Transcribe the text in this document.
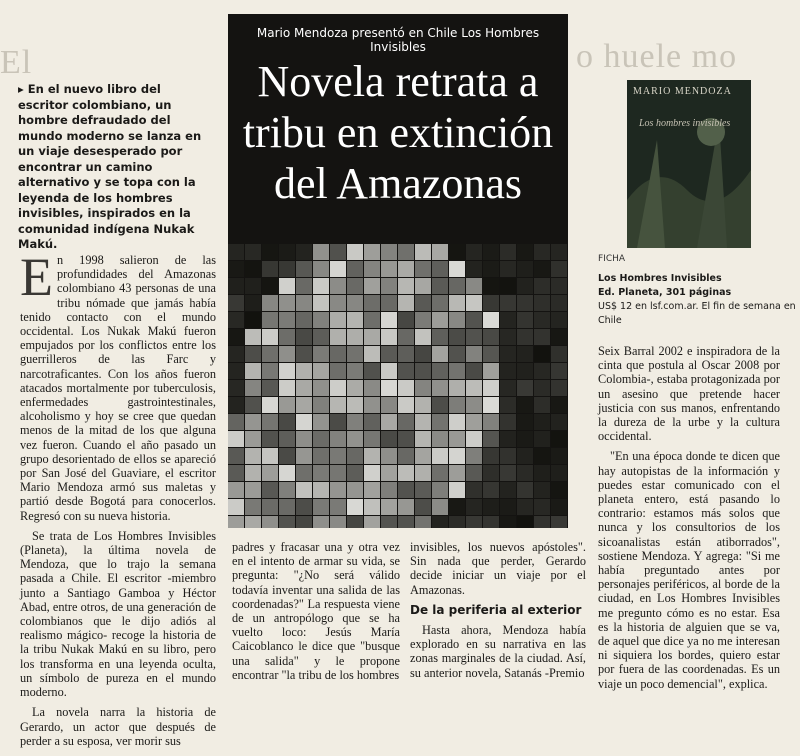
El	o huele mo
▸ En el nuevo libro del escritor colombiano, un hombre defraudado del mundo moderno se lanza en un viaje desesperado por encontrar un camino alternativo y se topa con la leyenda de los hombres invisibles, inspirados en la comunidad indígena Nukak Makú.
Mario Mendoza presentó en Chile Los Hombres Invisibles
Novela retrata a tribu en extinción del Amazonas

En 1998 salieron de las profundidades del Amazonas colombiano 43 personas de una tribu nómade que jamás había tenido contacto con el mundo occidental. Los Nukak Makú fueron empujados por los conflictos entre los guerrilleros de las Farc y narcotraficantes. Con los años fueron atacados mortalmente por tuberculosis, enfermedades gastrointestinales, alcoholismo y hoy se cree que quedan menos de la mitad de los que alguna vez fueron. Cuando el año pasado un grupo desorientado de ellos se apareció por San José del Guaviare, el escritor Mario Mendoza armó sus maletas y partió desde Bogotá para conocerlos. Regresó con su nueva historia.

Se trata de Los Hombres Invisibles (Planeta), la última novela de Mendoza, que lo trajo la semana pasada a Chile. El escritor -miembro junto a Santiago Gamboa y Héctor Abad, entre otros, de una generación de colombianos que le dijo adiós al realismo mágico- recoge la historia de la tribu Nukak Makú en su libro, pero los transforma en una leyenda oculta, un símbolo de pureza en el mundo moderno.

La novela narra la historia de Gerardo, un actor que después de perder a su esposa, ver morir sus

padres y fracasar una y otra vez en el intento de armar su vida, se pregunta: "¿No será válido todavía inventar una salida de las coordenadas?" La respuesta viene de un antropólogo que se ha vuelto loco: Jesús María Caicoblanco le dice que "busque una salida" y le propone encontrar "la tribu de los hombres

invisibles, los nuevos apóstoles". Sin nada que perder, Gerardo decide iniciar un viaje por el Amazonas.

De la periferia al exterior

Hasta ahora, Mendoza había explorado en su narrativa en las zonas marginales de la ciudad. Así, su anterior novela, Satanás -Premio

MARIO MENDOZA
Los hombres invisibles
FICHA
Los Hombres Invisibles
Ed. Planeta, 301 páginas
US$ 12 en lsf.com.ar. El fin de semana en Chile

Seix Barral 2002 e inspiradora de la cinta que postula al Oscar 2008 por Colombia-, estaba protagonizada por un asesino que pretende hacer justicia con sus manos, enfrentando la dureza de la urbe y la cultura occidental.

"En una época donde te dicen que hay autopistas de la información y puedes estar comunicado con el planeta entero, está pasando lo contrario: estamos más solos que nunca y los consultorios de los sicoanalistas están atiborrados", sostiene Mendoza. Y agrega: "Si me había preguntado antes por personajes periféricos, al borde de la ciudad, en Los Hombres Invisibles me pregunto cómo es no estar. Esa es la historia de alguien que se va, de aquel que dice ya no me interesan ni siquiera los bordes, quiero estar por fuera de las coordenadas. Es un viaje un poco demencial", explica.
